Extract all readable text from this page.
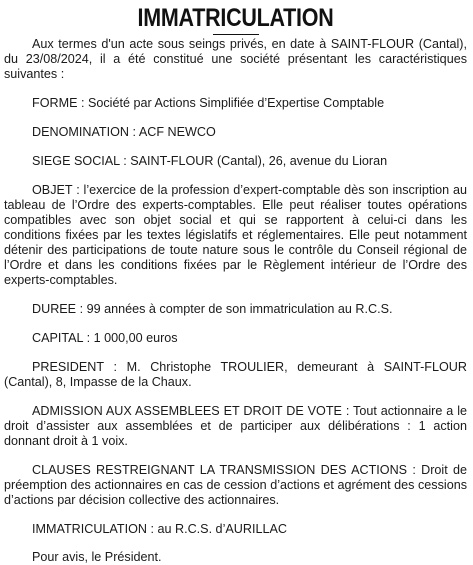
IMMATRICULATION

Aux termes d'un acte sous seings privés, en date à SAINT-FLOUR (Cantal), du 23/08/2024, il a été constitué une société présentant les caractéristiques suivantes :

FORME : Société par Actions Simplifiée d’Expertise Comptable

DENOMINATION : ACF NEWCO

SIEGE SOCIAL : SAINT-FLOUR (Cantal), 26, avenue du Lioran

OBJET : l’exercice de la profession d’expert-comptable dès son inscription au tableau de l’Ordre des experts-comptables. Elle peut réaliser toutes opérations compatibles avec son objet social et qui se rapportent à celui-ci dans les conditions fixées par les textes législatifs et réglementaires. Elle peut notamment détenir des participations de toute nature sous le contrôle du Conseil régional de l’Ordre et dans les conditions fixées par le Règlement intérieur de l’Ordre des experts-comptables.

DUREE : 99 années à compter de son immatriculation au R.C.S.

CAPITAL : 1 000,00 euros

PRESIDENT : M. Christophe TROULIER, demeurant à SAINT-FLOUR (Cantal), 8, Impasse de la Chaux.

ADMISSION AUX ASSEMBLEES ET DROIT DE VOTE : Tout actionnaire a le droit d’assister aux assemblées et de participer aux délibérations : 1 action donnant droit à 1 voix.

CLAUSES RESTREIGNANT LA TRANSMISSION DES ACTIONS : Droit de préemption des actionnaires en cas de cession d’actions et agrément des cessions d’actions par décision collective des actionnaires.

IMMATRICULATION : au R.C.S. d’AURILLAC

Pour avis, le Président.
